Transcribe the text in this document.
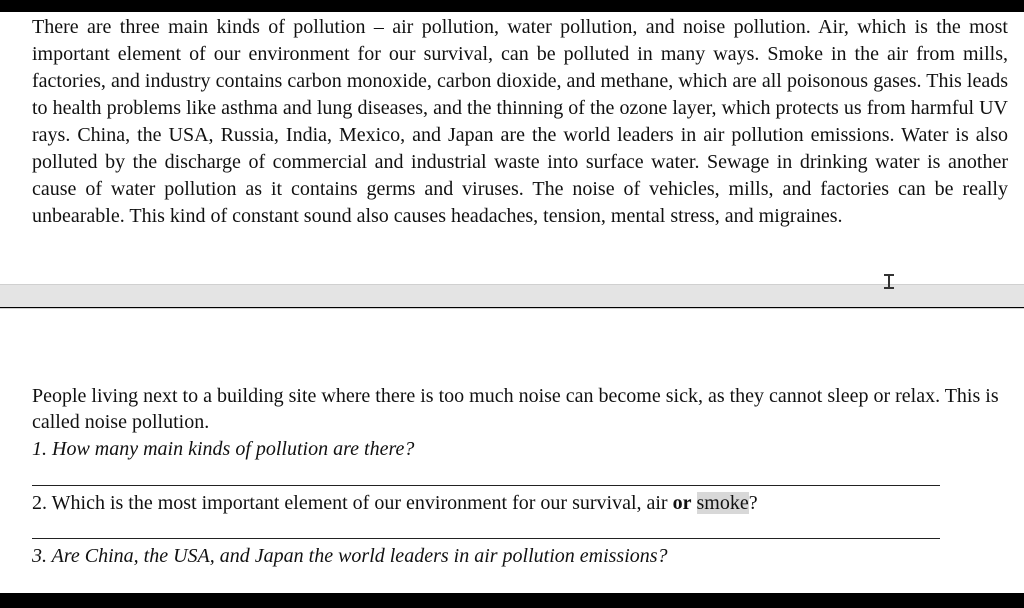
There are three main kinds of pollution – air pollution, water pollution, and noise pollution. Air, which is the most important element of our environment for our survival, can be polluted in many ways. Smoke in the air from mills, factories, and industry contains carbon monoxide, carbon dioxide, and methane, which are all poisonous gases. This leads to health problems like asthma and lung diseases, and the thinning of the ozone layer, which protects us from harmful UV rays. China, the USA, Russia, India, Mexico, and Japan are the world leaders in air pollution emissions. Water is also polluted by the discharge of commercial and industrial waste into surface water. Sewage in drinking water is another cause of water pollution as it contains germs and viruses. The noise of vehicles, mills, and factories can be really unbearable. This kind of constant sound also causes headaches, tension, mental stress, and migraines.

People living next to a building site where there is too much noise can become sick, as they cannot sleep or relax. This is called noise pollution.

1. How many main kinds of pollution are there?

2. Which is the most important element of our environment for our survival, air or smoke?

3. Are China, the USA, and Japan the world leaders in air pollution emissions?
